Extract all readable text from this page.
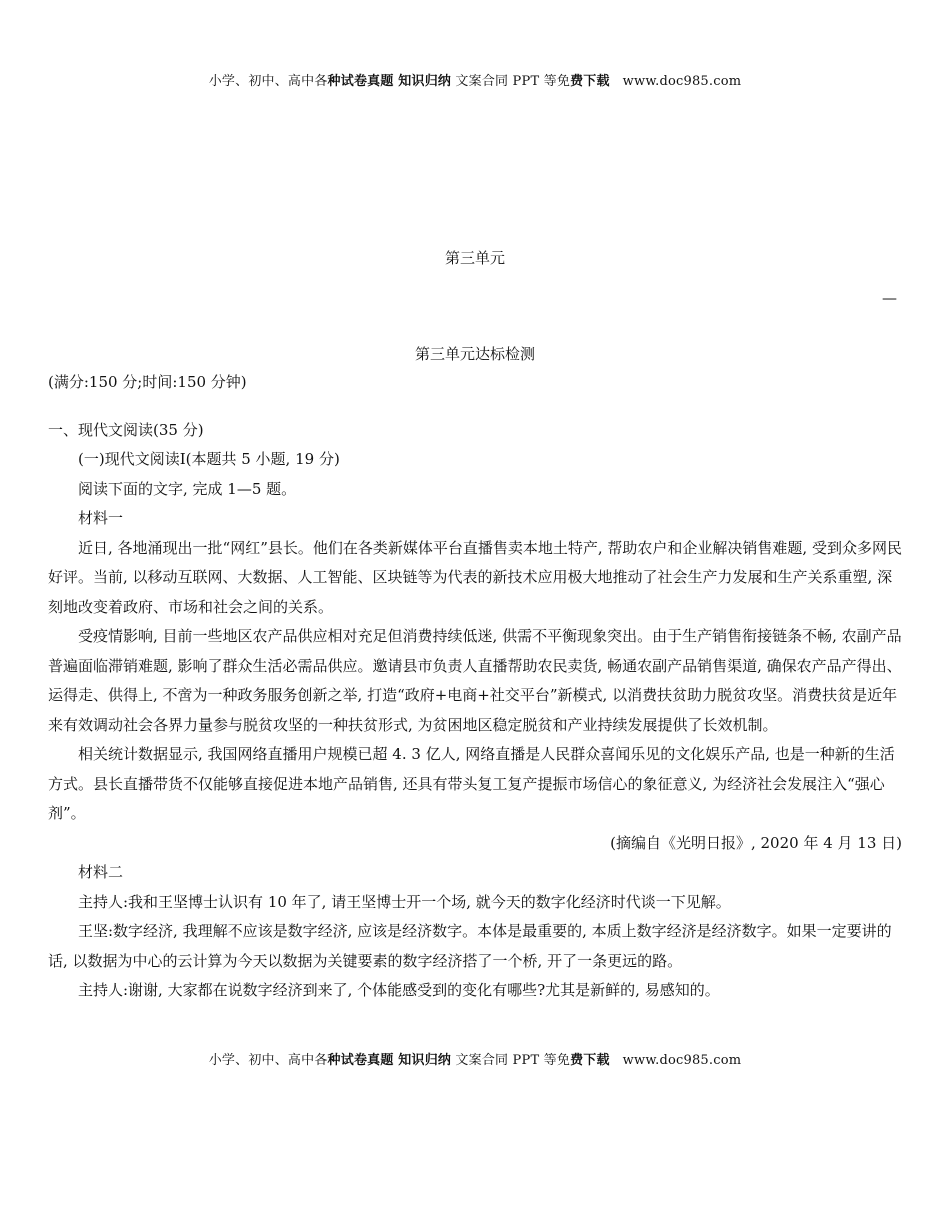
小学、初中、高中各种试卷真题 知识归纳 文案合同 PPT 等免费下载 www.doc985.com
第三单元
—
第三单元达标检测

(满分:150 分;时间:150 分钟)

一、现代文阅读(35 分)

(一)现代文阅读Ⅰ(本题共 5 小题, 19 分)

阅读下面的文字, 完成 1—5 题。

材料一

近日, 各地涌现出一批“网红”县长。他们在各类新媒体平台直播售卖本地土特产, 帮助农户和企业解决销售难题, 受到众多网民好评。当前, 以移动互联网、大数据、人工智能、区块链等为代表的新技术应用极大地推动了社会生产力发展和生产关系重塑, 深刻地改变着政府、市场和社会之间的关系。

受疫情影响, 目前一些地区农产品供应相对充足但消费持续低迷, 供需不平衡现象突出。由于生产销售衔接链条不畅, 农副产品普遍面临滞销难题, 影响了群众生活必需品供应。邀请县市负责人直播帮助农民卖货, 畅通农副产品销售渠道, 确保农产品产得出、运得走、供得上, 不啻为一种政务服务创新之举, 打造“政府+电商+社交平台”新模式, 以消费扶贫助力脱贫攻坚。消费扶贫是近年来有效调动社会各界力量参与脱贫攻坚的一种扶贫形式, 为贫困地区稳定脱贫和产业持续发展提供了长效机制。

相关统计数据显示, 我国网络直播用户规模已超 4. 3 亿人, 网络直播是人民群众喜闻乐见的文化娱乐产品, 也是一种新的生活方式。县长直播带货不仅能够直接促进本地产品销售, 还具有带头复工复产提振市场信心的象征意义, 为经济社会发展注入“强心剂”。

(摘编自《光明日报》, 2020 年 4 月 13 日)

材料二

主持人:我和王坚博士认识有 10 年了, 请王坚博士开一个场, 就今天的数字化经济时代谈一下见解。

王坚:数字经济, 我理解不应该是数字经济, 应该是经济数字。本体是最重要的, 本质上数字经济是经济数字。如果一定要讲的话, 以数据为中心的云计算为今天以数据为关键要素的数字经济搭了一个桥, 开了一条更远的路。

主持人:谢谢, 大家都在说数字经济到来了, 个体能感受到的变化有哪些?尤其是新鲜的, 易感知的。

小学、初中、高中各种试卷真题 知识归纳 文案合同 PPT 等免费下载 www.doc985.com
